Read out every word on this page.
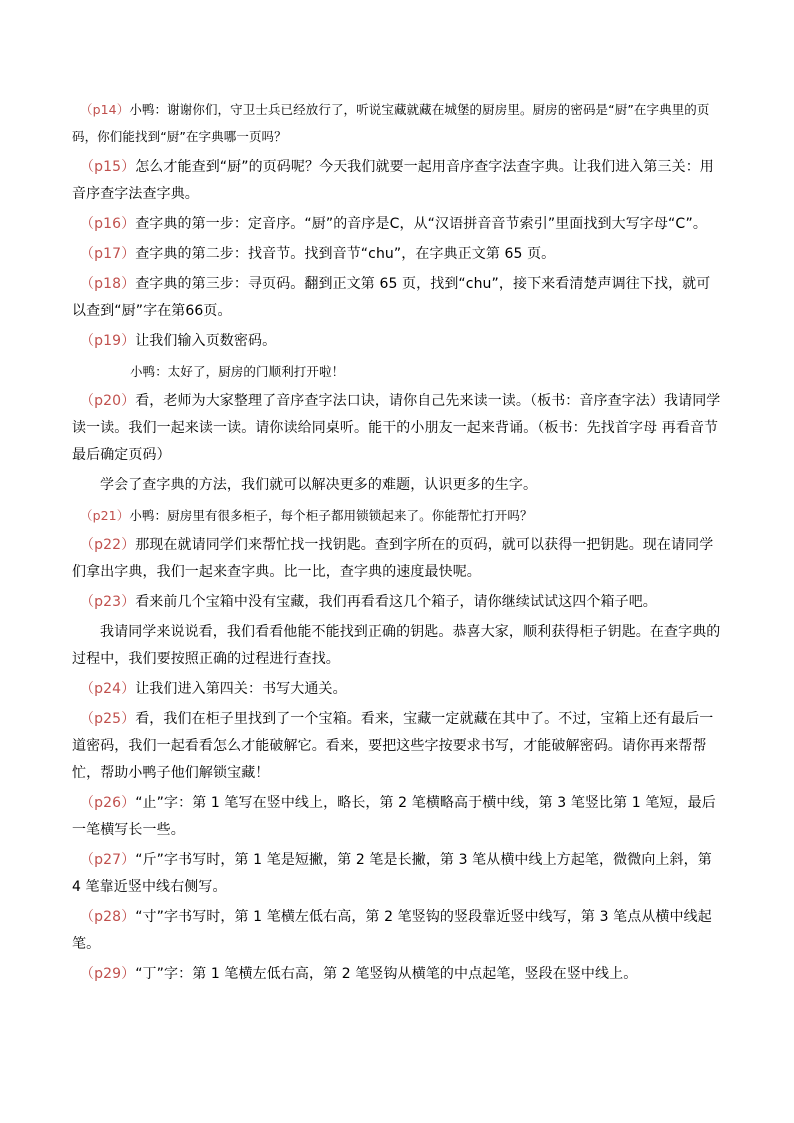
（p14）小鸭：谢谢你们，守卫士兵已经放行了，听说宝藏就藏在城堡的厨房里。厨房的密码是“厨”在字典里的页码，你们能找到“厨”在字典哪一页吗？

（p15）怎么才能查到“厨”的页码呢？今天我们就要一起用音序查字法查字典。让我们进入第三关：用音序查字法查字典。

（p16）查字典的第一步：定音序。“厨”的音序是C，从“汉语拼音音节索引”里面找到大写字母“C”。

（p17）查字典的第二步：找音节。找到音节“chu”，在字典正文第 65 页。

（p18）查字典的第三步：寻页码。翻到正文第 65 页，找到“chu”，接下来看清楚声调往下找，就可以查到“厨”字在第66页。

（p19）让我们输入页数密码。

小鸭：太好了，厨房的门顺利打开啦！

（p20）看，老师为大家整理了音序查字法口诀，请你自己先来读一读。（板书：音序查字法）我请同学读一读。我们一起来读一读。请你读给同桌听。能干的小朋友一起来背诵。（板书：先找首字母 再看音节 最后确定页码）

学会了查字典的方法，我们就可以解决更多的难题，认识更多的生字。

（p21）小鸭：厨房里有很多柜子，每个柜子都用锁锁起来了。你能帮忙打开吗？

（p22）那现在就请同学们来帮忙找一找钥匙。查到字所在的页码，就可以获得一把钥匙。现在请同学们拿出字典，我们一起来查字典。比一比，查字典的速度最快呢。

（p23）看来前几个宝箱中没有宝藏，我们再看看这几个箱子，请你继续试试这四个箱子吧。

我请同学来说说看，我们看看他能不能找到正确的钥匙。恭喜大家，顺利获得柜子钥匙。在查字典的过程中，我们要按照正确的过程进行查找。

（p24）让我们进入第四关：书写大通关。

（p25）看，我们在柜子里找到了一个宝箱。看来，宝藏一定就藏在其中了。不过，宝箱上还有最后一道密码，我们一起看看怎么才能破解它。看来，要把这些字按要求书写，才能破解密码。请你再来帮帮忙，帮助小鸭子他们解锁宝藏！

（p26）“止”字：第 1 笔写在竖中线上，略长，第 2 笔横略高于横中线，第 3 笔竖比第 1 笔短，最后一笔横写长一些。

（p27）“斤”字书写时，第 1 笔是短撇，第 2 笔是长撇，第 3 笔从横中线上方起笔，微微向上斜，第 4 笔靠近竖中线右侧写。

（p28）“寸”字书写时，第 1 笔横左低右高，第 2 笔竖钩的竖段靠近竖中线写，第 3 笔点从横中线起笔。

（p29）“丁”字：第 1 笔横左低右高，第 2 笔竖钩从横笔的中点起笔，竖段在竖中线上。
